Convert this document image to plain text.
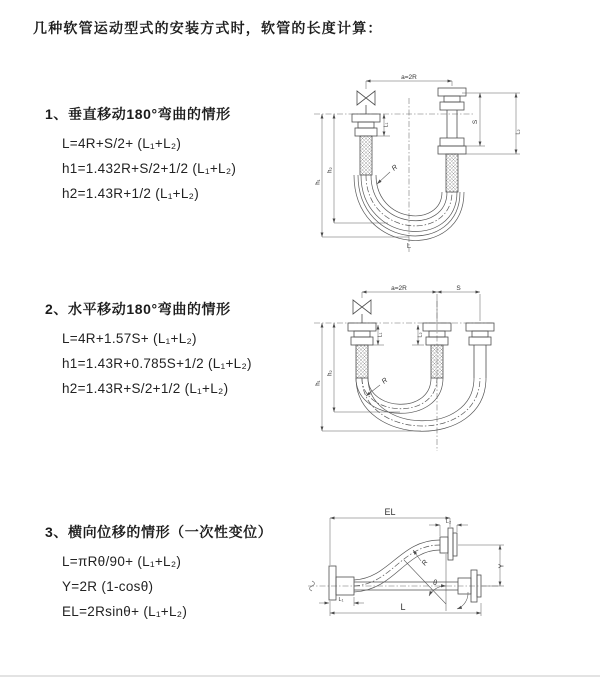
几种软管运动型式的安装方式时，软管的长度计算：
1、垂直移动180°弯曲的情形

L=4R+S/2+ (L₁+L₂)

h1=1.432R+S/2+1/2 (L₁+L₂)

h2=1.43R+1/2 (L₁+L₂)

a=2R
S
L₂
h₁
h₂
L₁
R
L
2、水平移动180°弯曲的情形

L=4R+1.57S+ (L₁+L₂)

h1=1.43R+0.785S+1/2 (L₁+L₂)

h2=1.43R+S/2+1/2 (L₁+L₂)

a=2R	S
h₁
h₂
L₁	L₂
R
3、横向位移的情形（一次性变位）

L=πRθ/90+ (L₁+L₂)

Y=2R (1-cosθ)

EL=2Rsinθ+ (L₁+L₂)

EL
L₂
Y
L
L₁
R
θ
